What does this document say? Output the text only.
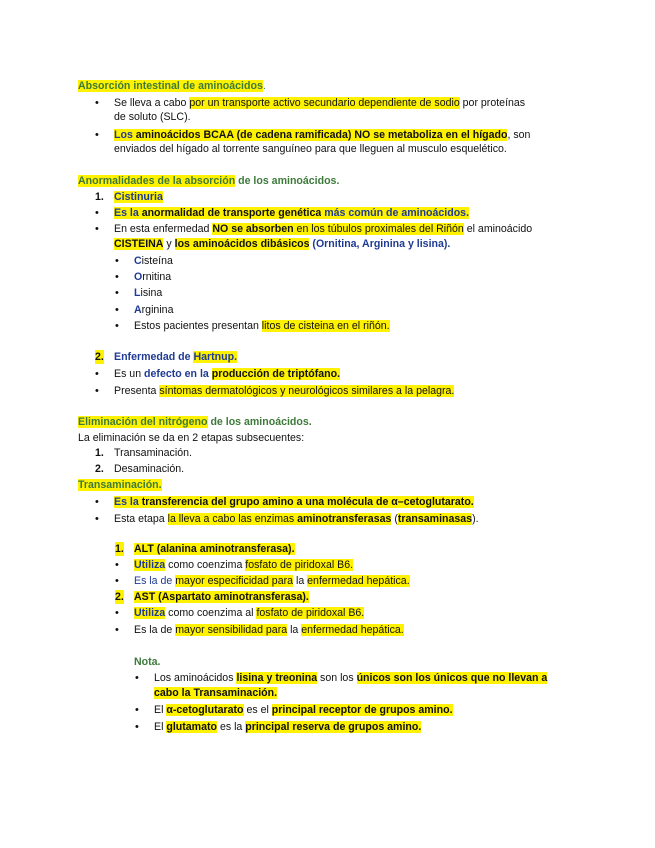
Absorción intestinal de aminoácidos.
• Se lleva a cabo por un transporte activo secundario dependiente de sodio por proteínas
de soluto (SLC).
• Los aminoácidos BCAA (de cadena ramificada) NO se metaboliza en el hígado, son
enviados del hígado al torrente sanguíneo para que lleguen al musculo esquelético.
Anormalidades de la absorción de los aminoácidos.
1. Cistinuria
• Es la anormalidad de transporte genética más común de aminoácidos.
• En esta enfermedad NO se absorben en los túbulos proximales del Riñón el aminoácido
CISTEINA y los aminoácidos dibásicos (Ornitina, Arginina y lisina).
• Cisteína
• Ornitina
• Lisina
• Arginina
• Estos pacientes presentan litos de cisteina en el riñón.
2. Enfermedad de Hartnup.
• Es un defecto en la producción de triptófano.
• Presenta síntomas dermatológicos y neurológicos similares a la pelagra.
Eliminación del nitrógeno de los aminoácidos.
La eliminación se da en 2 etapas subsecuentes:
1. Transaminación.
2. Desaminación.
Transaminación.
• Es la transferencia del grupo amino a una molécula de α–cetoglutarato.
• Esta etapa la lleva a cabo las enzimas aminotransferasas (transaminasas).
1. ALT (alanina aminotransferasa).
• Utiliza como coenzima fosfato de piridoxal B6.
• Es la de mayor especificidad para la enfermedad hepática.
2. AST (Aspartato aminotransferasa).
• Utiliza como coenzima al fosfato de piridoxal B6.
• Es la de mayor sensibilidad para la enfermedad hepática.
Nota.
• Los aminoácidos lisina y treonina son los únicos son los únicos que no llevan a
cabo la Transaminación.
• El α-cetoglutarato es el principal receptor de grupos amino.
• El glutamato es la principal reserva de grupos amino.
